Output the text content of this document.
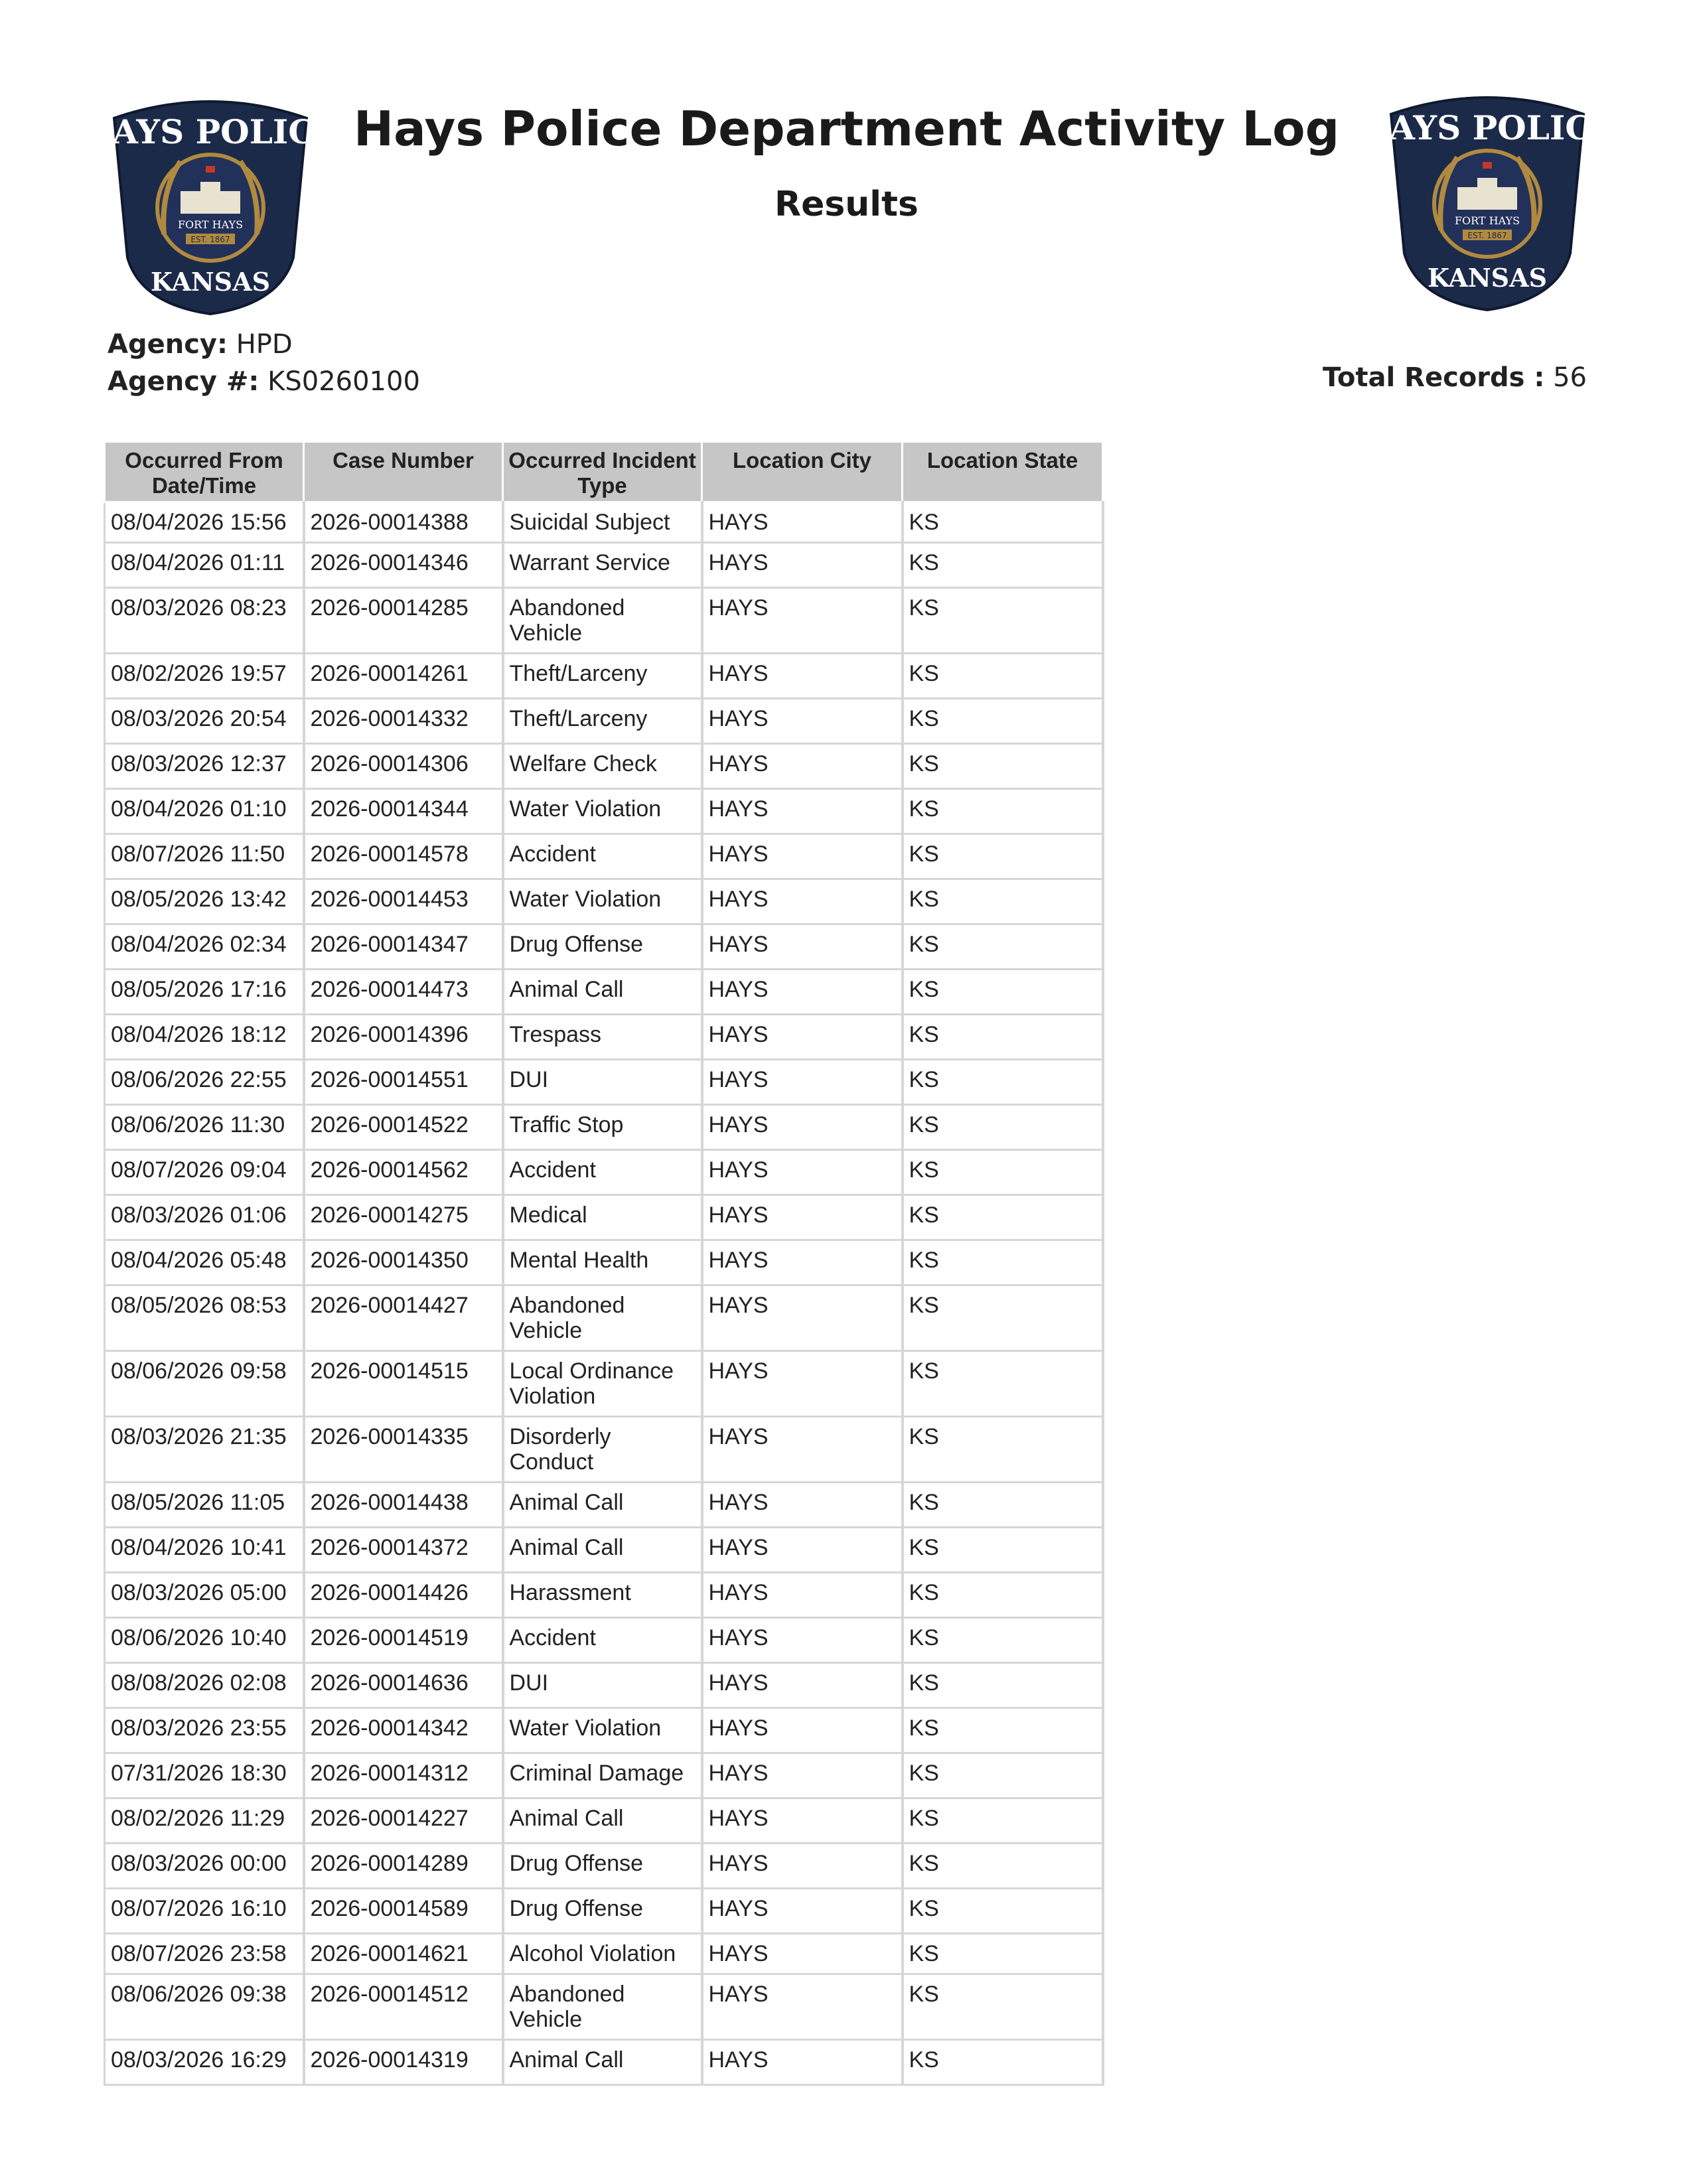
HAYS POLICE
FORT HAYS
EST. 1867
KANSAS
HAYS POLICE
FORT HAYS
EST. 1867
KANSAS
Hays Police Department Activity Log
Results
Agency: HPD
Agency #: KS0260100	Total Records : 56
Occurred From Date/Time	Case Number	Occurred Incident Type	Location City	Location State
08/04/2026 15:56	2026-00014388	Suicidal Subject	HAYS	KS
08/04/2026 01:11	2026-00014346	Warrant Service	HAYS	KS
08/03/2026 08:23	2026-00014285	Abandoned Vehicle	HAYS	KS
08/02/2026 19:57	2026-00014261	Theft/Larceny	HAYS	KS
08/03/2026 20:54	2026-00014332	Theft/Larceny	HAYS	KS
08/03/2026 12:37	2026-00014306	Welfare Check	HAYS	KS
08/04/2026 01:10	2026-00014344	Water Violation	HAYS	KS
08/07/2026 11:50	2026-00014578	Accident	HAYS	KS
08/05/2026 13:42	2026-00014453	Water Violation	HAYS	KS
08/04/2026 02:34	2026-00014347	Drug Offense	HAYS	KS
08/05/2026 17:16	2026-00014473	Animal Call	HAYS	KS
08/04/2026 18:12	2026-00014396	Trespass	HAYS	KS
08/06/2026 22:55	2026-00014551	DUI	HAYS	KS
08/06/2026 11:30	2026-00014522	Traffic Stop	HAYS	KS
08/07/2026 09:04	2026-00014562	Accident	HAYS	KS
08/03/2026 01:06	2026-00014275	Medical	HAYS	KS
08/04/2026 05:48	2026-00014350	Mental Health	HAYS	KS
08/05/2026 08:53	2026-00014427	Abandoned Vehicle	HAYS	KS
08/06/2026 09:58	2026-00014515	Local Ordinance Violation	HAYS	KS
08/03/2026 21:35	2026-00014335	Disorderly Conduct	HAYS	KS
08/05/2026 11:05	2026-00014438	Animal Call	HAYS	KS
08/04/2026 10:41	2026-00014372	Animal Call	HAYS	KS
08/03/2026 05:00	2026-00014426	Harassment	HAYS	KS
08/06/2026 10:40	2026-00014519	Accident	HAYS	KS
08/08/2026 02:08	2026-00014636	DUI	HAYS	KS
08/03/2026 23:55	2026-00014342	Water Violation	HAYS	KS
07/31/2026 18:30	2026-00014312	Criminal Damage	HAYS	KS
08/02/2026 11:29	2026-00014227	Animal Call	HAYS	KS
08/03/2026 00:00	2026-00014289	Drug Offense	HAYS	KS
08/07/2026 16:10	2026-00014589	Drug Offense	HAYS	KS
08/07/2026 23:58	2026-00014621	Alcohol Violation	HAYS	KS
08/06/2026 09:38	2026-00014512	Abandoned Vehicle	HAYS	KS
08/03/2026 16:29	2026-00014319	Animal Call	HAYS	KS
